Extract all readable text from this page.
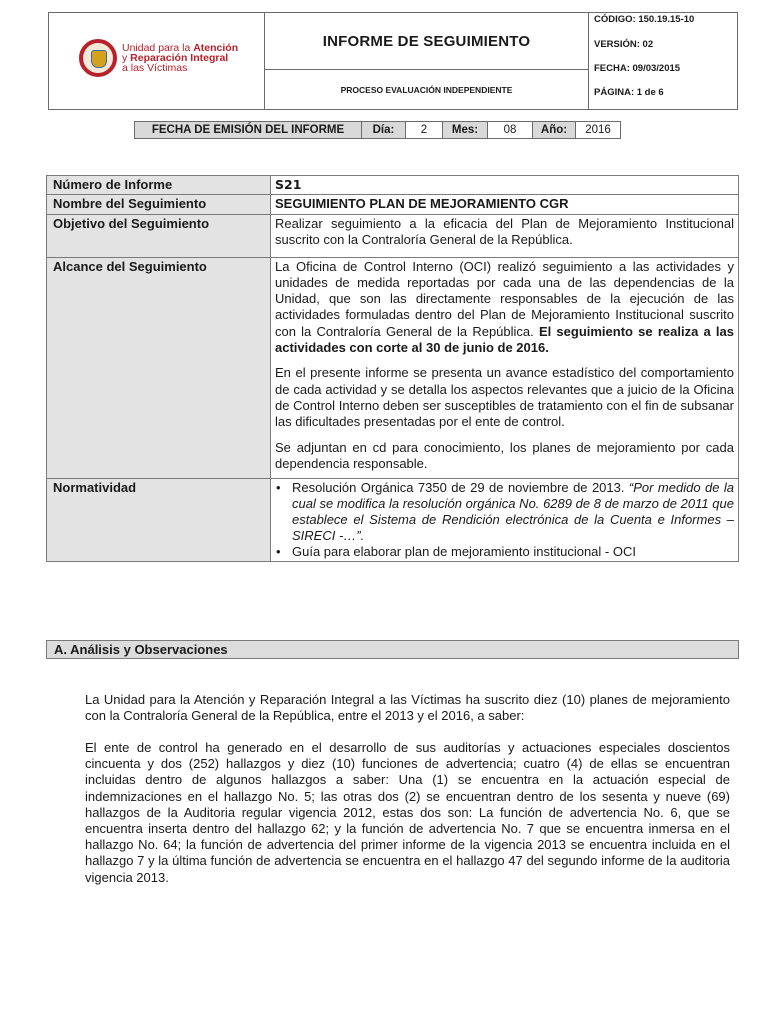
Unidad para la Atención
y Reparación Integral
a las Víctimas
INFORME DE SEGUIMIENTO
PROCESO EVALUACIÓN INDEPENDIENTE
CÓDIGO: 150.19.15-10
VERSIÓN: 02
FECHA: 09/03/2015
PÁGINA: 1 de 6
FECHA DE EMISIÓN DEL INFORME	Día:	2	Mes:	08	Año:	2016
Número de Informe	S21
Nombre del Seguimiento	SEGUIMIENTO PLAN DE MEJORAMIENTO CGR
Objetivo del Seguimiento	Realizar seguimiento a la eficacia del Plan de Mejoramiento Institucional suscrito con la Contraloría General de la República.
Alcance del Seguimiento	La Oficina de Control Interno (OCI) realizó seguimiento a las actividades y unidades de medida reportadas por cada una de las dependencias de la Unidad, que son las directamente responsables de la ejecución de las actividades formuladas dentro del Plan de Mejoramiento Institucional suscrito con la Contraloría General de la República. El seguimiento se realiza a las actividades con corte al 30 de junio de 2016.

En el presente informe se presenta un avance estadístico del comportamiento de cada actividad y se detalla los aspectos relevantes que a juicio de la Oficina de Control Interno deben ser susceptibles de tratamiento con el fin de subsanar las dificultades presentadas por el ente de control.

Se adjuntan en cd para conocimiento, los planes de mejoramiento por cada dependencia responsable.

Normatividad	
•Resolución Orgánica 7350 de 29 de noviembre de 2013. “Por medido de la cual se modifica la resolución orgánica No. 6289 de 8 de marzo de 2011 que establece el Sistema de Rendición electrónica de la Cuenta e Informes – SIRECI -…”.
• Guía para elaborar plan de mejoramiento institucional - OCI
A. Análisis y Observaciones

La Unidad para la Atención y Reparación Integral a las Víctimas ha suscrito diez (10) planes de mejoramiento con la Contraloría General de la República, entre el 2013 y el 2016, a saber:

El ente de control ha generado en el desarrollo de sus auditorías y actuaciones especiales doscientos cincuenta y dos (252) hallazgos y diez (10) funciones de advertencia; cuatro (4) de ellas se encuentran incluidas dentro de algunos hallazgos a saber: Una (1) se encuentra en la actuación especial de indemnizaciones en el hallazgo No. 5; las otras dos (2) se encuentran dentro de los sesenta y nueve (69) hallazgos de la Auditoria regular vigencia 2012, estas dos son: La función de advertencia No. 6, que se encuentra inserta dentro del hallazgo 62; y la función de advertencia No. 7 que se encuentra inmersa en el hallazgo No. 64; la función de advertencia del primer informe de la vigencia 2013 se encuentra incluida en el hallazgo 7 y la última función de advertencia se encuentra en el hallazgo 47 del segundo informe de la auditoria vigencia 2013.
